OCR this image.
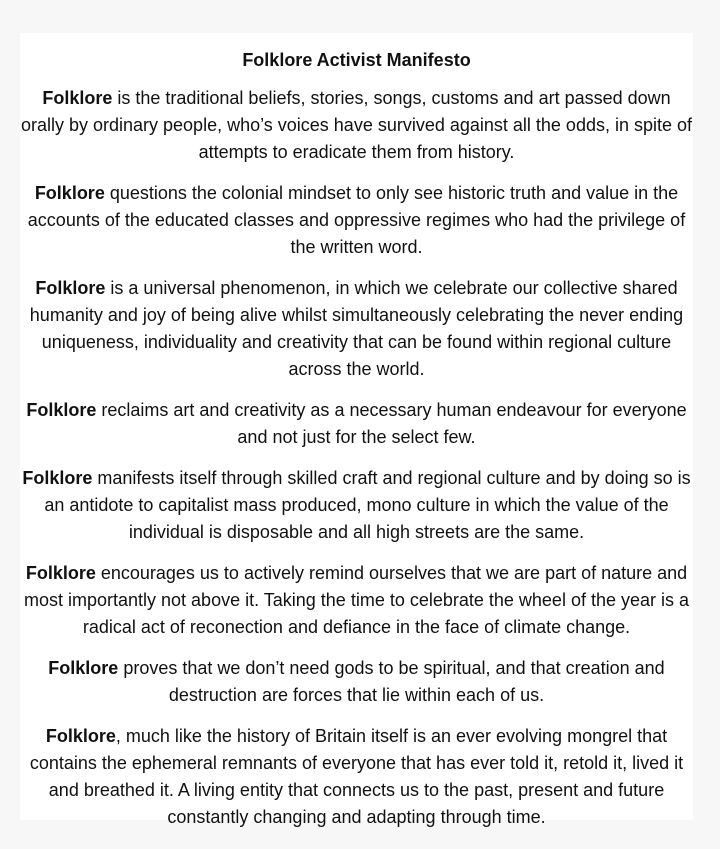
Folklore Activist Manifesto

Folklore is the traditional beliefs, stories, songs, customs and art passed down orally by ordinary people, who’s voices have survived against all the odds, in spite of attempts to eradicate them from history.

Folklore questions the colonial mindset to only see historic truth and value in the accounts of the educated classes and oppressive regimes who had the privilege of the written word.

Folklore is a universal phenomenon, in which we celebrate our collective shared humanity and joy of being alive whilst simultaneously celebrating the never ending uniqueness, individuality and creativity that can be found within regional culture across the world.

Folklore reclaims art and creativity as a necessary human endeavour for everyone and not just for the select few.

Folklore manifests itself through skilled craft and regional culture and by doing so is an antidote to capitalist mass produced, mono culture in which the value of the individual is disposable and all high streets are the same.

Folklore encourages us to actively remind ourselves that we are part of nature and most importantly not above it. Taking the time to celebrate the wheel of the year is a radical act of reconection and defiance in the face of climate change.

Folklore proves that we don’t need gods to be spiritual, and that creation and destruction are forces that lie within each of us.

Folklore, much like the history of Britain itself is an ever evolving mongrel that contains the ephemeral remnants of everyone that has ever told it, retold it, lived it and breathed it. A living entity that connects us to the past, present and future constantly changing and adapting through time.
